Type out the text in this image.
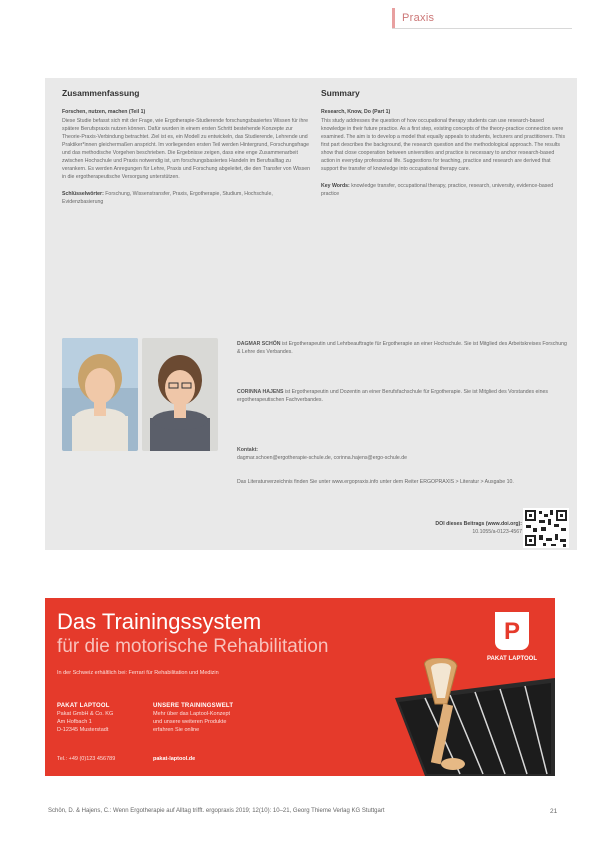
Praxis
Zusammenfassung
Forschen, nutzen, machen (Teil 1)

Diese Studie befasst sich mit der Frage, wie Ergotherapie-Studierende forschungsbasiertes Wissen für ihre spätere Berufspraxis nutzen können. Dafür wurden in einem ersten Schritt bestehende Konzepte zur Theorie-Praxis-Verbindung betrachtet. Ziel ist es, ein Modell zu entwickeln, das Studierende, Lehrende und Praktiker*innen gleichermaßen anspricht. Im vorliegenden ersten Teil werden Hintergrund, Forschungsfrage und das methodische Vorgehen beschrieben. Die Ergebnisse zeigen, dass eine enge Zusammenarbeit zwischen Hochschule und Praxis notwendig ist, um forschungsbasiertes Handeln im Berufsalltag zu verankern. Es werden Anregungen für Lehre, Praxis und Forschung abgeleitet, die den Transfer von Wissen in die ergotherapeutische Versorgung unterstützen.

Schlüsselwörter: Forschung, Wissenstransfer, Praxis, Ergotherapie, Studium, Hochschule, Evidenzbasierung

Summary
Research, Know, Do (Part 1)

This study addresses the question of how occupational therapy students can use research-based knowledge in their future practice. As a first step, existing concepts of the theory-practice connection were examined. The aim is to develop a model that equally appeals to students, lecturers and practitioners. This first part describes the background, the research question and the methodological approach. The results show that close cooperation between universities and practice is necessary to anchor research-based action in everyday professional life. Suggestions for teaching, practice and research are derived that support the transfer of knowledge into occupational therapy care.

Key Words: knowledge transfer, occupational therapy, practice, research, university, evidence-based practice

DAGMAR SCHÖN ist Ergotherapeutin und Lehrbeauftragte für Ergotherapie an einer Hochschule. Sie ist Mitglied des Arbeitskreises Forschung & Lehre des Verbandes.
CORINNA HAJENS ist Ergotherapeutin und Dozentin an einer Berufsfachschule für Ergotherapie. Sie ist Mitglied des Vorstandes eines ergotherapeutischen Fachverbandes.
Kontakt:
dagmar.schoen@ergotherapie-schule.de, corinna.hajens@ergo-schule.de
Das Literaturverzeichnis finden Sie unter www.ergopraxis.info unter dem Reiter ERGOPRAXIS > Literatur > Ausgabe 10.
DOI dieses Beitrags (www.doi.org):
10.1055/a-0123-4567
Das Trainingssystem
für die motorische Rehabilitation
In der Schweiz erhältlich bei: Ferrari für Rehabilitation und Medizin
PAKAT LAPTOOL
Pakat GmbH & Co. KG
Am Hofbach 1
D-12345 Musterstadt
UNSERE TRAININGSWELT
Mehr über das Laptool-Konzept
und unsere weiteren Produkte
erfahren Sie online
Tel.: +49 (0)123 456789	pakat-laptool.de
P
PAKAT LAPTOOL
Schön, D. & Hajens, C.: Wenn Ergotherapie auf Alltag trifft. ergopraxis 2019; 12(10): 10–21, Georg Thieme Verlag KG Stuttgart	21
